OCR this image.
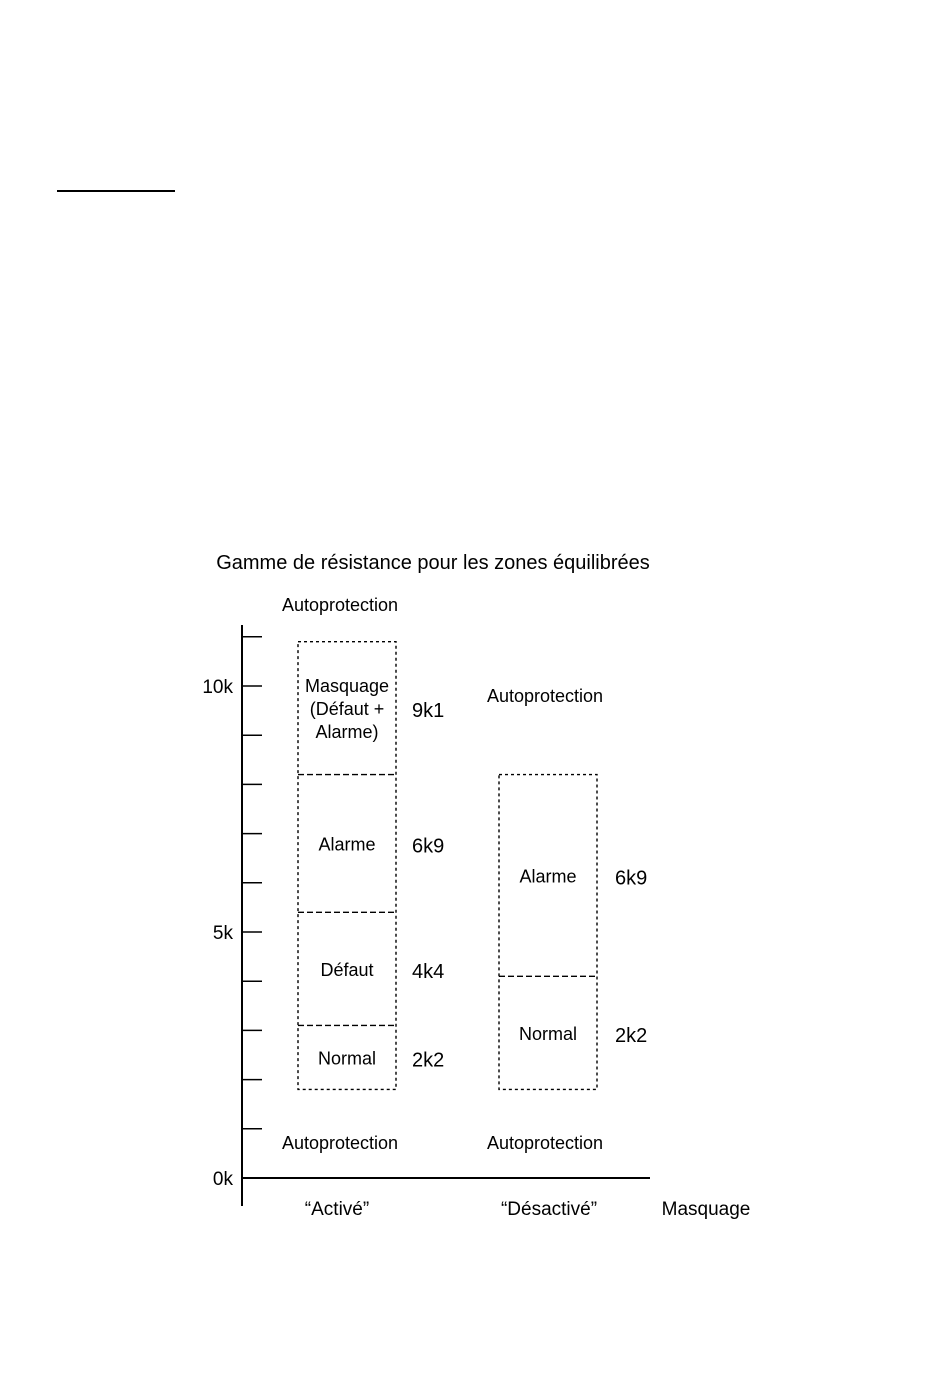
Gamme de résistance pour les zones équilibrées
Masquage
0k
5k
10k	Masquage
(Défaut +
Alarme)
9k1
Alarme 6k9
Défaut 4k4
Normal 2k2
Autoprotection
Autoprotection
“Activé”
Alarme 6k9
Normal 2k2
Autoprotection
Autoprotection
“Désactivé”
